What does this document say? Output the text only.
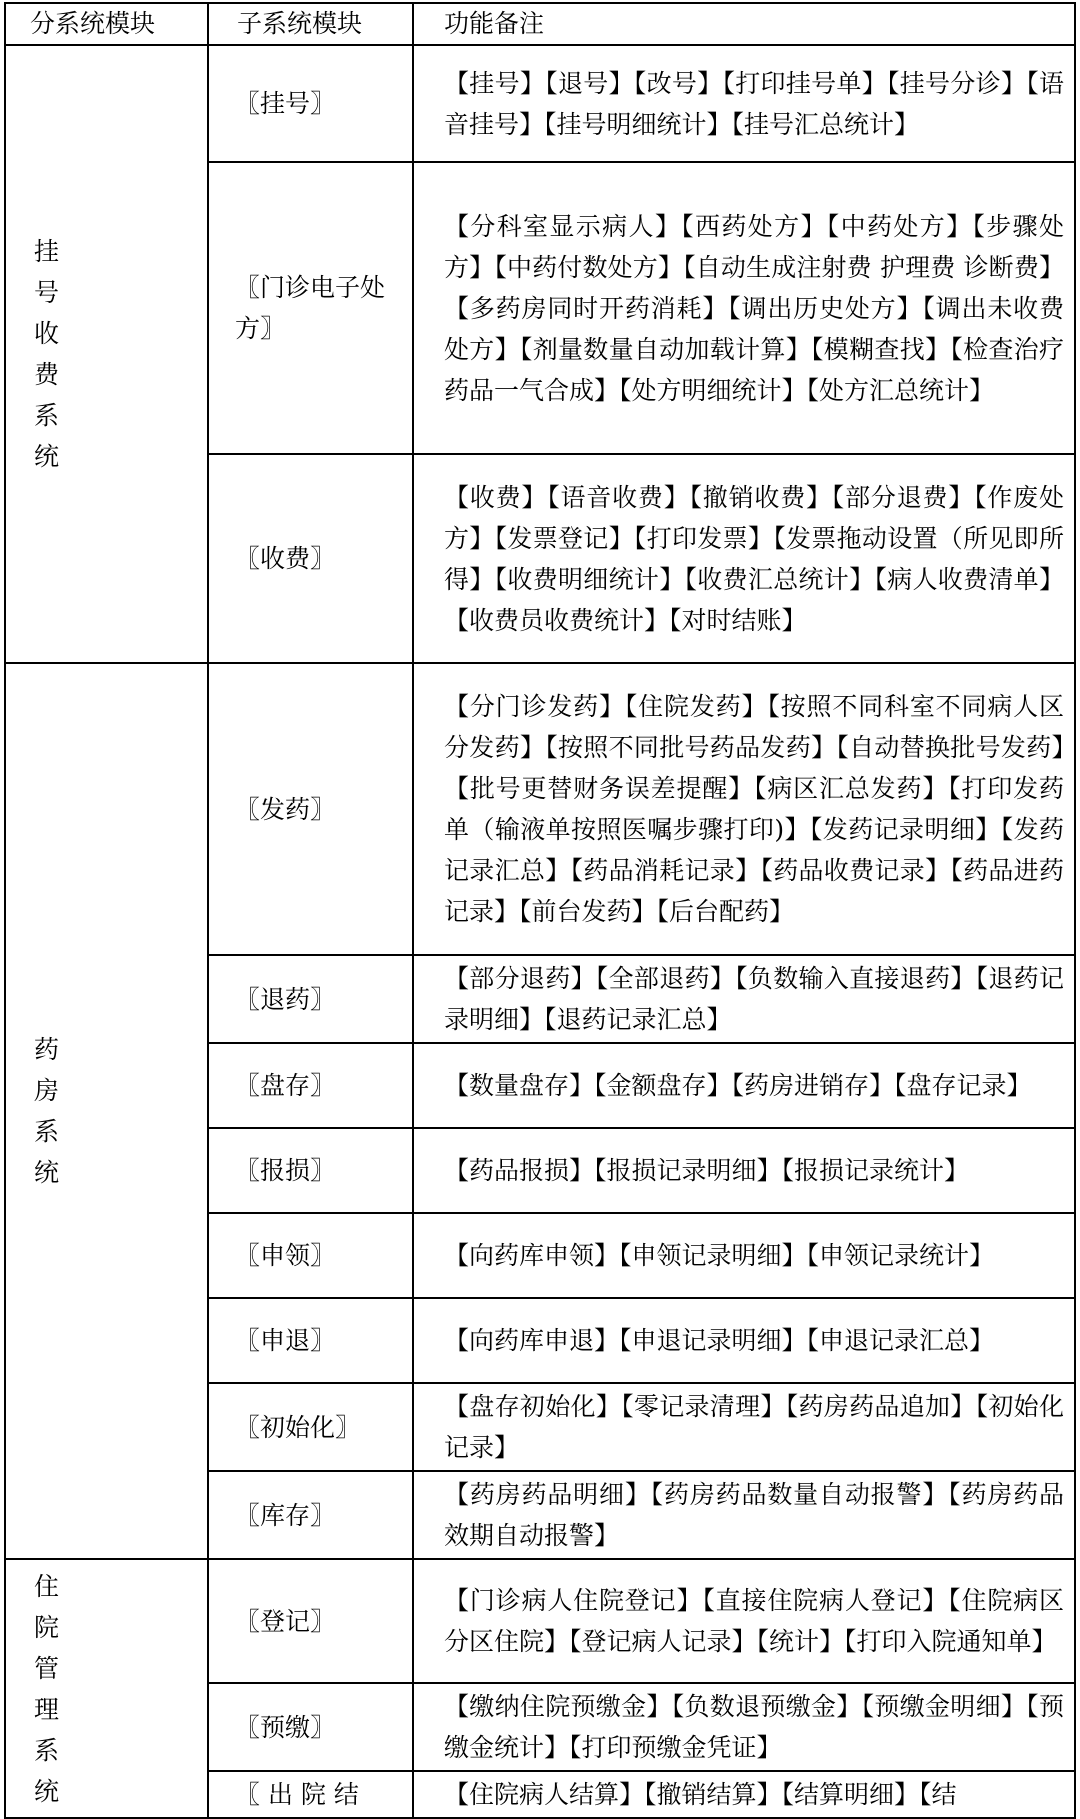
分系统模块	子系统模块	功能备注

挂号收费系统	〖挂号〗	【挂号】【退号】【改号】【打印挂号单】【挂号分诊】【语音挂号】【挂号明细统计】【挂号汇总统计】

	〖门诊电子处方〗	【分科室显示病人】【西药处方】【中药处方】【步骤处方】【中药付数处方】【自动生成注射费 护理费 诊断费】【多药房同时开药消耗】【调出历史处方】【调出未收费处方】【剂量数量自动加载计算】【模糊查找】【检查治疗药品一气合成】【处方明细统计】【处方汇总统计】

	〖收费〗	【收费】【语音收费】【撤销收费】【部分退费】【作废处方】【发票登记】【打印发票】【发票拖动设置（所见即所得】【收费明细统计】【收费汇总统计】【病人收费清单】【收费员收费统计】【对时结账】

药房系统	〖发药〗	【分门诊发药】【住院发药】【按照不同科室不同病人区分发药】【按照不同批号药品发药】【自动替换批号发药】【批号更替财务误差提醒】【病区汇总发药】【打印发药单（输液单按照医嘱步骤打印)】【发药记录明细】【发药记录汇总】【药品消耗记录】【药品收费记录】【药品进药记录】【前台发药】【后台配药】

	〖退药〗	【部分退药】【全部退药】【负数输入直接退药】【退药记录明细】【退药记录汇总】

	〖盘存〗	【数量盘存】【金额盘存】【药房进销存】【盘存记录】

	〖报损〗	【药品报损】【报损记录明细】【报损记录统计】

	〖申领〗	【向药库申领】【申领记录明细】【申领记录统计】

	〖申退〗	【向药库申退】【申退记录明细】【申退记录汇总】

	〖初始化〗	【盘存初始化】【零记录清理】【药房药品追加】【初始化记录】

	〖库存〗	【药房药品明细】【药房药品数量自动报警】【药房药品效期自动报警】

住院管理系统	〖登记〗	【门诊病人住院登记】【直接住院病人登记】【住院病区分区住院】【登记病人记录】【统计】【打印入院通知单】

	〖预缴〗	【缴纳住院预缴金】【负数退预缴金】【预缴金明细】【预缴金统计】【打印预缴金凭证】

	〖 出 院 结	【住院病人结算】【撤销结算】【结算明细】【结
